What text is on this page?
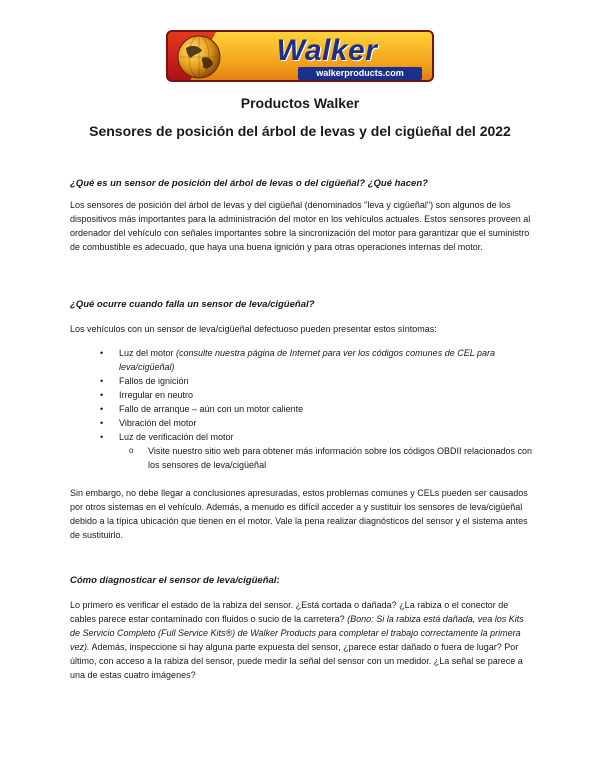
Walker
walkerproducts.com
Productos Walker
Sensores de posición del árbol de levas y del cigüeñal del 2022

¿Qué es un sensor de posición del árbol de levas o del cigüeñal? ¿Qué hacen?

Los sensores de posición del árbol de levas y del cigüeñal (denominados "leva y cigüeñal") son algunos de los dispositivos más importantes para la administración del motor en los vehículos actuales. Estos sensores proveen al ordenador del vehículo con señales importantes sobre la sincronización del motor para garantizar que el suministro de combustible es adecuado, que haya una buena ignición y para otras operaciones internas del motor.

¿Qué ocurre cuando falla un sensor de leva/cigüeñal?

Los vehículos con un sensor de leva/cigüeñal defectuoso pueden presentar estos síntomas:

• Luz del motor (consulte nuestra página de Internet para ver los códigos comunes de CEL para leva/cigüeñal)
• Fallos de ignición
• Irregular en neutro
• Fallo de arranque – aún con un motor caliente
• Vibración del motor
• Luz de verificación del motor
o Visite nuestro sitio web para obtener más información sobre los códigos OBDII relacionados con los sensores de leva/cigüeñal

Sin embargo, no debe llegar a conclusiones apresuradas, estos problemas comunes y CELs pueden ser causados por otros sistemas en el vehículo. Además, a menudo es difícil acceder a y sustituir los sensores de leva/cigüeñal debido a la típica ubicación que tienen en el motor. Vale la pena realizar diagnósticos del sensor y el sistema antes de sustituirlo.

Cómo diagnosticar el sensor de leva/cigüeñal:

Lo primero es verificar el estado de la rabiza del sensor. ¿Está cortada o dañada? ¿La rabiza o el conector de cables parece estar contaminado con fluidos o sucio de la carretera? (Bono: Si la rabiza está dañada, vea los Kits de Servicio Completo (Full Service Kits®) de Walker Products para completar el trabajo correctamente la primera vez). Además, inspeccione si hay alguna parte expuesta del sensor, ¿parece estar dañado o fuera de lugar? Por último, con acceso a la rabiza del sensor, puede medir la señal del sensor con un medidor. ¿La señal se parece a una de estas cuatro imágenes?
